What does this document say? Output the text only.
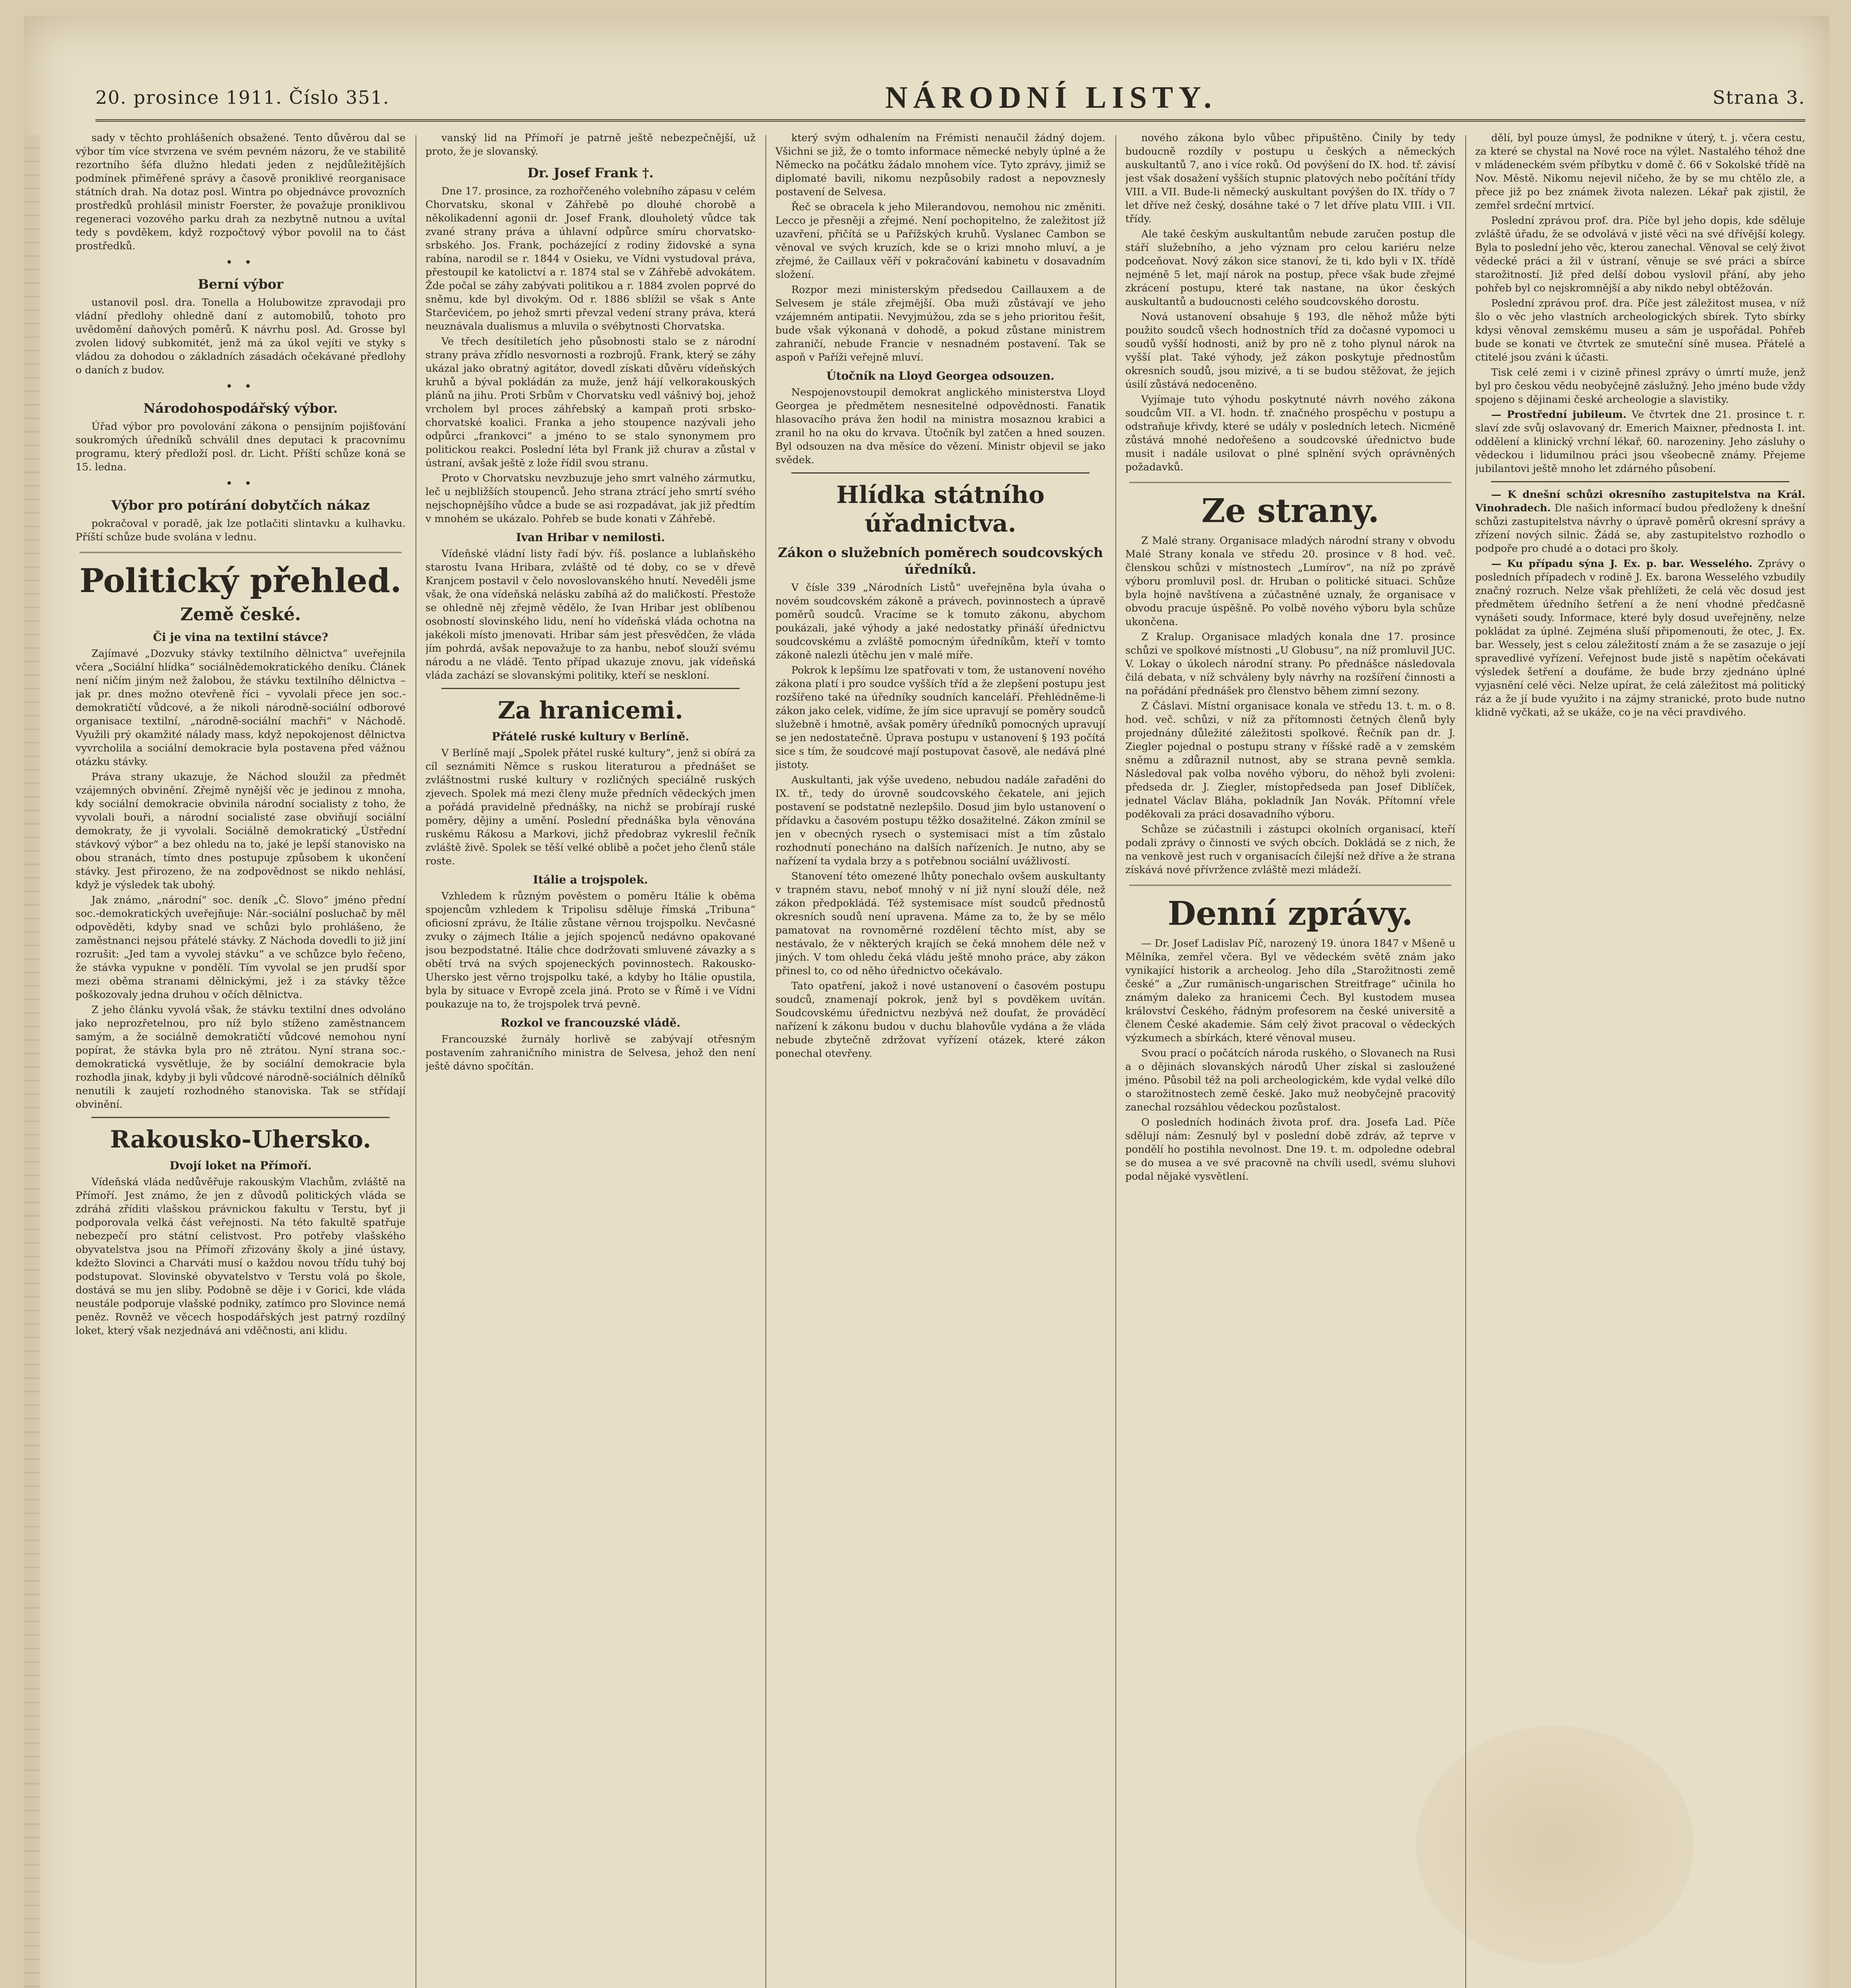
20. prosince 1911. Číslo 351.	NÁRODNÍ LISTY.	Strana 3.

sady v těchto prohlášeních obsažené. Tento důvěrou dal se výbor tím více stvrzena ve svém pevném názoru, že ve stabilitě rezortního šéfa dlužno hledati jeden z nejdůležitějších podmínek přiměřené správy a časově proniklivé reorganisace státních drah. Na dotaz posl. Wintra po objednávce provozních prostředků prohlásil ministr Foerster, že považuje proniklivou regeneraci vozového parku drah za nezbytně nutnou a uvítal tedy s povděkem, když rozpočtový výbor povolil na to část prostředků.

• •
Berní výbor

ustanovil posl. dra. Tonella a Holubowitze zpravodaji pro vládní předlohy ohledně daní z automobilů, tohoto pro uvědomění daňových poměrů. K návrhu posl. Ad. Grosse byl zvolen lidový subkomitét, jenž má za úkol vejíti ve styky s vládou za dohodou o základních zásadách očekávané předlohy o daních z budov.

• •
Národohospodářský výbor.

Úřad výbor pro povolování zákona o pensijním pojišťování soukromých úředníků schválil dnes deputaci k pracovnímu programu, který předloží posl. dr. Licht. Příští schůze koná se 15. ledna.

• •
Výbor pro potírání dobytčích nákaz

pokračoval v poradě, jak lze potlačiti slintavku a kulhavku. Příští schůze bude svolána v lednu.

Politický přehled.
Země české.
Či je vina na textilní stávce?

Zajímavé „Dozvuky stávky textilního dělnictva“ uveřejnila včera „Sociální hlídka“ sociálnědemokratického deníku. Článek není ničím jiným než žalobou, že stávku textilního dělnictva – jak pr. dnes možno otevřeně říci – vyvolali přece jen soc.-demokratičtí vůdcové, a že nikoli národně-sociální odborové organisace textilní, „národně-sociální machři“ v Náchodě. Využili prý okamžité nálady mass, když nepokojenost dělnictva vyvrcholila a sociální demokracie byla postavena před vážnou otázku stávky.

Práva strany ukazuje, že Náchod sloužil za předmět vzájemných obvinění. Zřejmě nynější věc je jedinou z mnoha, kdy sociální demokracie obvinila národní socialisty z toho, že vyvolali bouři, a národní socialisté zase obviňují sociální demokraty, že ji vyvolali. Sociálně demokratický „Ústřední stávkový výbor“ a bez ohledu na to, jaké je lepší stanovisko na obou stranách, tímto dnes postupuje způsobem k ukončení stávky. Jest přirozeno, že na zodpovědnost se nikdo nehlásí, když je výsledek tak ubohý.

Jak známo, „národní“ soc. deník „Č. Slovo“ jméno přední soc.-demokratických uveřejňuje: Nár.-sociální posluchač by měl odpověděti, kdyby snad ve schůzi bylo prohlášeno, že zaměstnanci nejsou přátelé stávky. Z Náchoda dovedli to již jiní rozrušit: „Jed tam a vyvolej stávku“ a ve schůzce bylo řečeno, že stávka vypukne v pondělí. Tím vyvolal se jen prudší spor mezi oběma stranami dělnickými, jež i za stávky těžce poškozovaly jedna druhou v očích dělnictva.

Z jeho článku vyvolá však, že stávku textilní dnes odvoláno jako neprozřetelnou, pro níž bylo stíženo zaměstnancem samým, a že sociálně demokratičtí vůdcové nemohou nyní popírat, že stávka byla pro ně ztrátou. Nyní strana soc.-demokratická vysvětluje, že by sociální demokracie byla rozhodla jinak, kdyby ji byli vůdcové národně-sociálních dělníků nenutili k zaujetí rozhodného stanoviska. Tak se střídají obvinění.

Rakousko-Uhersko.
Dvojí loket na Přímoří.

Vídeňská vláda nedůvěřuje rakouským Vlachům, zvláště na Přímoří. Jest známo, že jen z důvodů politických vláda se zdráhá zříditi vlašskou právnickou fakultu v Terstu, byť ji podporovala velká část veřejnosti. Na této fakultě spatřuje nebezpečí pro státní celistvost. Pro potřeby vlašského obyvatelstva jsou na Přímoří zřizovány školy a jiné ústavy, kdežto Slovinci a Charváti musí o každou novou třídu tuhý boj podstupovat. Slovinské obyvatelstvo v Terstu volá po škole, dostává se mu jen sliby. Podobně se děje i v Gorici, kde vláda neustále podporuje vlašské podniky, zatímco pro Slovince nemá peněz. Rovněž ve věcech hospodářských jest patrný rozdílný loket, který však nezjednává ani vděčnosti, ani klidu.

vanský lid na Přímoří je patrně ještě nebezpečnější, už proto, že je slovanský.

Dr. Josef Frank †.

Dne 17. prosince, za rozhořčeného volebního zápasu v celém Chorvatsku, skonal v Záhřebě po dlouhé chorobě a několikadenní agonii dr. Josef Frank, dlouholetý vůdce tak zvané strany práva a úhlavní odpůrce smíru chorvatsko-srbského. Jos. Frank, pocházející z rodiny židovské a syna rabína, narodil se r. 1844 v Osieku, ve Vídni vystudoval práva, přestoupil ke katolictví a r. 1874 stal se v Záhřebě advokátem. Žde počal se záhy zabývati politikou a r. 1884 zvolen poprvé do sněmu, kde byl divokým. Od r. 1886 sblížil se však s Ante Starčevićem, po jehož smrti převzal vedení strany práva, která neuznávala dualismus a mluvila o svébytnosti Chorvatska.

Ve třech desítiletích jeho působnosti stalo se z národní strany práva zřídlo nesvornosti a rozbrojů. Frank, který se záhy ukázal jako obratný agitátor, dovedl získati důvěru vídeňských kruhů a býval pokládán za muže, jenž hájí velkorakouských plánů na jihu. Proti Srbům v Chorvatsku vedl vášnivý boj, jehož vrcholem byl proces záhřebský a kampaň proti srbsko-chorvatské koalici. Franka a jeho stoupence nazývali jeho odpůrci „frankovci“ a jméno to se stalo synonymem pro politickou reakci. Poslední léta byl Frank již churav a zůstal v ústraní, avšak ještě z lože řídil svou stranu.

Proto v Chorvatsku nevzbuzuje jeho smrt valného zármutku, leč u nejbližších stoupenců. Jeho strana ztrácí jeho smrtí svého nejschopnějšího vůdce a bude se asi rozpadávat, jak již předtím v mnohém se ukázalo. Pohřeb se bude konati v Záhřebě.

Ivan Hribar v nemilosti.

Vídeňské vládní listy řadí býv. říš. poslance a lublaňského starostu Ivana Hribara, zvláště od té doby, co se v dřevě Kranjcem postavil v čelo novoslovanského hnutí. Neveděli jsme však, že ona vídeňská nelásku zabíhá až do maličkostí. Přestože se ohledně něj zřejmě vědělo, že Ivan Hribar jest oblíbenou osobností slovinského lidu, není ho vídeňská vláda ochotna na jakékoli místo jmenovati. Hribar sám jest přesvědčen, že vláda jím pohrdá, avšak nepovažuje to za hanbu, neboť slouží svému národu a ne vládě. Tento případ ukazuje znovu, jak vídeňská vláda zachází se slovanskými politiky, kteří se neskloní.

Za hranicemi.
Přátelé ruské kultury v Berlíně.

V Berlíně mají „Spolek přátel ruské kultury“, jenž si obírá za cíl seznámiti Němce s ruskou literaturou a přednášet se zvláštnostmi ruské kultury v rozličných speciálně ruských zjevech. Spolek má mezi členy muže předních vědeckých jmen a pořádá pravidelně přednášky, na nichž se probírají ruské poměry, dějiny a umění. Poslední přednáška byla věnována ruskému Rákosu a Markovi, jichž předobraz vykreslil řečník zvláště živě. Spolek se těší velké oblibě a počet jeho členů stále roste.

Itálie a trojspolek.

Vzhledem k různým pověstem o poměru Itálie k oběma spojencům vzhledem k Tripolisu sděluje římská „Tribuna“ oficiosní zprávu, že Itálie zůstane věrnou trojspolku. Nevčasné zvuky o zájmech Itálie a jejích spojenců nedávno opakované jsou bezpodstatné. Itálie chce dodržovati smluvené závazky a s obětí trvá na svých spojeneckých povinnostech. Rakousko-Uhersko jest věrno trojspolku také, a kdyby ho Itálie opustila, byla by situace v Evropě zcela jiná. Proto se v Římě i ve Vídni poukazuje na to, že trojspolek trvá pevně.

Rozkol ve francouzské vládě.

Francouzské žurnály horlivě se zabývají otřesným postavením zahraničního ministra de Selvesa, jehož den není ještě dávno spočítán.

který svým odhalením na Frémisti nenaučil žádný dojem. Všichni se již, že o tomto informace německé nebyly úplné a že Německo na počátku žádalo mnohem více. Tyto zprávy, jimiž se diplomaté bavili, nikomu nezpůsobily radost a nepovznesly postavení de Selvesa.

Řeč se obracela k jeho Milerandovou, nemohou nic změniti. Lecco je přesněji a zřejmé. Není pochopitelno, že zaležitost jíž uzavření, přičítá se u Pařížských kruhů. Vyslanec Cambon se věnoval ve svých kruzích, kde se o krizi mnoho mluví, a je zřejmé, že Caillaux věří v pokračování kabinetu v dosavadním složení.

Rozpor mezi ministerským předsedou Caillauxem a de Selvesem je stále zřejmější. Oba muži zůstávají ve jeho vzájemném antipatii. Nevyjmúžou, zda se s jeho prioritou řešit, bude však výkonaná v dohodě, a pokud zůstane ministrem zahraničí, nebude Francie v nesnadném postavení. Tak se aspoň v Paříži veřejně mluví.

Útočník na Lloyd Georgea odsouzen.

Nespojenovstoupil demokrat anglického ministerstva Lloyd Georgea je předmětem nesnesitelné odpovědnosti. Fanatik hlasovacího práva žen hodil na ministra mosaznou krabici a zranil ho na oku do krvava. Útočník byl zatčen a hned souzen. Byl odsouzen na dva měsíce do vězení. Ministr objevil se jako svědek.

Hlídka státního úřadnictva.
Zákon o služebních poměrech soudcovských úředníků.

V čísle 339 „Národních Listů“ uveřejněna byla úvaha o novém soudcovském zákoně a právech, povinnostech a úpravě poměrů soudců. Vracíme se k tomuto zákonu, abychom poukázali, jaké výhody a jaké nedostatky přináší úřednictvu soudcovskému a zvláště pomocným úředníkům, kteří v tomto zákoně nalezli útěchu jen v malé míře.

Pokrok k lepšímu lze spatřovati v tom, že ustanovení nového zákona platí i pro soudce vyšších tříd a že zlepšení postupu jest rozšířeno také na úředníky soudních kanceláří. Přehlédněme-li zákon jako celek, vidíme, že jím sice upravují se poměry soudců služebně i hmotně, avšak poměry úředníků pomocných upravují se jen nedostatečně. Úprava postupu v ustanovení § 193 počítá sice s tím, že soudcové mají postupovat časově, ale nedává plné jistoty.

Auskultanti, jak výše uvedeno, nebudou nadále zařaděni do IX. tř., tedy do úrovně soudcovského čekatele, ani jejich postavení se podstatně nezlepšilo. Dosud jim bylo ustanovení o přídavku a časovém postupu těžko dosažitelné. Zákon zmínil se jen v obecných rysech o systemisaci míst a tím zůstalo rozhodnutí ponecháno na dalších nařízeních. Je nutno, aby se nařízení ta vydala brzy a s potřebnou sociální uvážlivostí.

Stanovení této omezené lhůty ponechalo ovšem auskultanty v trapném stavu, neboť mnohý v ní již nyní slouží déle, než zákon předpokládá. Též systemisace míst soudců přednostů okresních soudů není upravena. Máme za to, že by se mělo pamatovat na rovnoměrné rozdělení těchto míst, aby se nestávalo, že v některých krajích se čeká mnohem déle než v jiných. V tom ohledu čeká vládu ještě mnoho práce, aby zákon přinesl to, co od něho úřednictvo očekávalo.

Tato opatření, jakož i nové ustanovení o časovém postupu soudců, znamenají pokrok, jenž byl s povděkem uvítán. Soudcovskému úřednictvu nezbývá než doufat, že prováděcí nařízení k zákonu budou v duchu blahovůle vydána a že vláda nebude zbytečně zdržovat vyřízení otázek, které zákon ponechal otevřeny.

nového zákona bylo vůbec připuštěno. Činily by tedy budoucně rozdíly v postupu u českých a německých auskultantů 7, ano i více roků. Od povýšení do IX. hod. tř. závisí jest však dosažení vyšších stupnic platových nebo počítání třídy VIII. a VII. Bude-li německý auskultant povýšen do IX. třídy o 7 let dříve než český, dosáhne také o 7 let dříve platu VIII. i VII. třídy.

Ale také českým auskultantům nebude zaručen postup dle stáří služebního, a jeho význam pro celou kariéru nelze podceňovat. Nový zákon sice stanoví, že ti, kdo byli v IX. třídě nejméně 5 let, mají nárok na postup, přece však bude zřejmé zkrácení postupu, které tak nastane, na úkor českých auskultantů a budoucnosti celého soudcovského dorostu.

Nová ustanovení obsahuje § 193, dle něhož může býti použito soudců všech hodnostních tříd za dočasné vypomoci u soudů vyšší hodnosti, aniž by pro ně z toho plynul nárok na vyšší plat. Také výhody, jež zákon poskytuje přednostům okresních soudů, jsou mizivé, a ti se budou stěžovat, že jejich úsilí zůstává nedoceněno.

Vyjímaje tuto výhodu poskytnuté návrh nového zákona soudcům VII. a VI. hodn. tř. značného prospěchu v postupu a odstraňuje křivdy, které se udály v posledních letech. Nicméně zůstává mnohé nedořešeno a soudcovské úřednictvo bude musit i nadále usilovat o plné splnění svých oprávněných požadavků.

Ze strany.

Z Malé strany. Organisace mladých národní strany v obvodu Malé Strany konala ve středu 20. prosince v 8 hod. več. členskou schůzi v místnostech „Lumírov“, na níž po zprávě výboru promluvil posl. dr. Hruban o politické situaci. Schůze byla hojně navštívena a zúčastněné uznaly, že organisace v obvodu pracuje úspěšně. Po volbě nového výboru byla schůze ukončena.

Z Kralup. Organisace mladých konala dne 17. prosince schůzi ve spolkové místnosti „U Globusu“, na níž promluvil JUC. V. Lokay o úkolech národní strany. Po přednášce následovala čilá debata, v níž schváleny byly návrhy na rozšíření činnosti a na pořádání přednášek pro členstvo během zimní sezony.

Z Čáslavi. Místní organisace konala ve středu 13. t. m. o 8. hod. več. schůzi, v níž za přítomnosti četných členů byly projednány důležité záležitosti spolkové. Řečník pan dr. J. Ziegler pojednal o postupu strany v říšské radě a v zemském sněmu a zdůraznil nutnost, aby se strana pevně semkla. Následoval pak volba nového výboru, do něhož byli zvoleni: předseda dr. J. Ziegler, místopředseda pan Josef Diblíček, jednatel Václav Bláha, pokladník Jan Novák. Přítomní vřele poděkovali za práci dosavadního výboru.

Schůze se zúčastnili i zástupci okolních organisací, kteří podali zprávy o činnosti ve svých obcích. Dokládá se z nich, že na venkově jest ruch v organisacích čilejší než dříve a že strana získává nové přívržence zvláště mezi mládeží.

Denní zprávy.

— Dr. Josef Ladislav Píč, narozený 19. února 1847 v Mšeně u Mělníka, zemřel včera. Byl ve vědeckém světě znám jako vynikající historik a archeolog. Jeho díla „Starožitnosti země české“ a „Zur rumänisch-ungarischen Streitfrage“ učinila ho známým daleko za hranicemi Čech. Byl kustodem musea království Českého, řádným profesorem na české universitě a členem České akademie. Sám celý život pracoval o vědeckých výzkumech a sbírkách, které věnoval museu.

Svou prací o počátcích národa ruského, o Slovanech na Rusi a o dějinách slovanských národů Uher získal si zasloužené jméno. Působil též na poli archeologickém, kde vydal velké dílo o starožitnostech země české. Jako muž neobyčejně pracovitý zanechal rozsáhlou vědeckou pozůstalost.

O posledních hodinách života prof. dra. Josefa Lad. Píče sdělují nám: Zesnulý byl v poslední době zdráv, až teprve v pondělí ho postihla nevolnost. Dne 19. t. m. odpoledne odebral se do musea a ve své pracovně na chvíli usedl, svému sluhovi podal nějaké vysvětlení.

dělí, byl pouze úmysl, že podnikne v úterý, t. j. včera cestu, za které se chystal na Nové roce na výlet. Nastalého téhož dne v mládeneckém svém příbytku v domě č. 66 v Sokolské třídě na Nov. Městě. Nikomu nejevil ničeho, že by se mu chtělo zle, a přece již po bez známek života nalezen. Lékař pak zjistil, že zemřel srdeční mrtvicí.

Poslední zprávou prof. dra. Píče byl jeho dopis, kde sděluje zvláště úřadu, že se odvolává v jisté věci na své dřívější kolegy. Byla to poslední jeho věc, kterou zanechal. Věnoval se celý život vědecké práci a žil v ústraní, věnuje se své práci a sbírce starožitností. Již před delší dobou vyslovil přání, aby jeho pohřeb byl co nejskromnější a aby nikdo nebyl obtěžován.

Poslední zprávou prof. dra. Píče jest záležitost musea, v níž šlo o věc jeho vlastních archeologických sbírek. Tyto sbírky kdysi věnoval zemskému museu a sám je uspořádal. Pohřeb bude se konati ve čtvrtek ze smuteční síně musea. Přátelé a ctitelé jsou zváni k účasti.

Tisk celé zemi i v cizině přinesl zprávy o úmrtí muže, jenž byl pro českou vědu neobyčejně záslužný. Jeho jméno bude vždy spojeno s dějinami české archeologie a slavistiky.

— Prostřední jubileum. Ve čtvrtek dne 21. prosince t. r. slaví zde svůj oslavovaný dr. Emerich Maixner, přednosta I. int. oddělení a klinický vrchní lékař, 60. narozeniny. Jeho zásluhy o vědeckou i lidumilnou práci jsou všeobecně známy. Přejeme jubilantovi ještě mnoho let zdárného působení.

— K dnešní schůzi okresního zastupitelstva na Král. Vinohradech. Dle našich informací budou předloženy k dnešní schůzi zastupitelstva návrhy o úpravě poměrů okresní správy a zřízení nových silnic. Žádá se, aby zastupitelstvo rozhodlo o podpoře pro chudé a o dotaci pro školy.

— Ku případu sýna J. Ex. p. bar. Wesselého. Zprávy o posledních případech v rodině J. Ex. barona Wesselého vzbudily značný rozruch. Nelze však přehlížeti, že celá věc dosud jest předmětem úředního šetření a že není vhodné předčasně vynášeti soudy. Informace, které byly dosud uveřejněny, nelze pokládat za úplné. Zejména sluší připomenouti, že otec, J. Ex. bar. Wessely, jest s celou záležitostí znám a že se zasazuje o její spravedlivé vyřízení. Veřejnost bude jistě s napětím očekávati výsledek šetření a doufáme, že bude brzy zjednáno úplné vyjasnění celé věci. Nelze upírat, že celá záležitost má politický ráz a že jí bude využito i na zájmy stranické, proto bude nutno klidně vyčkati, až se ukáže, co je na věci pravdivého.
